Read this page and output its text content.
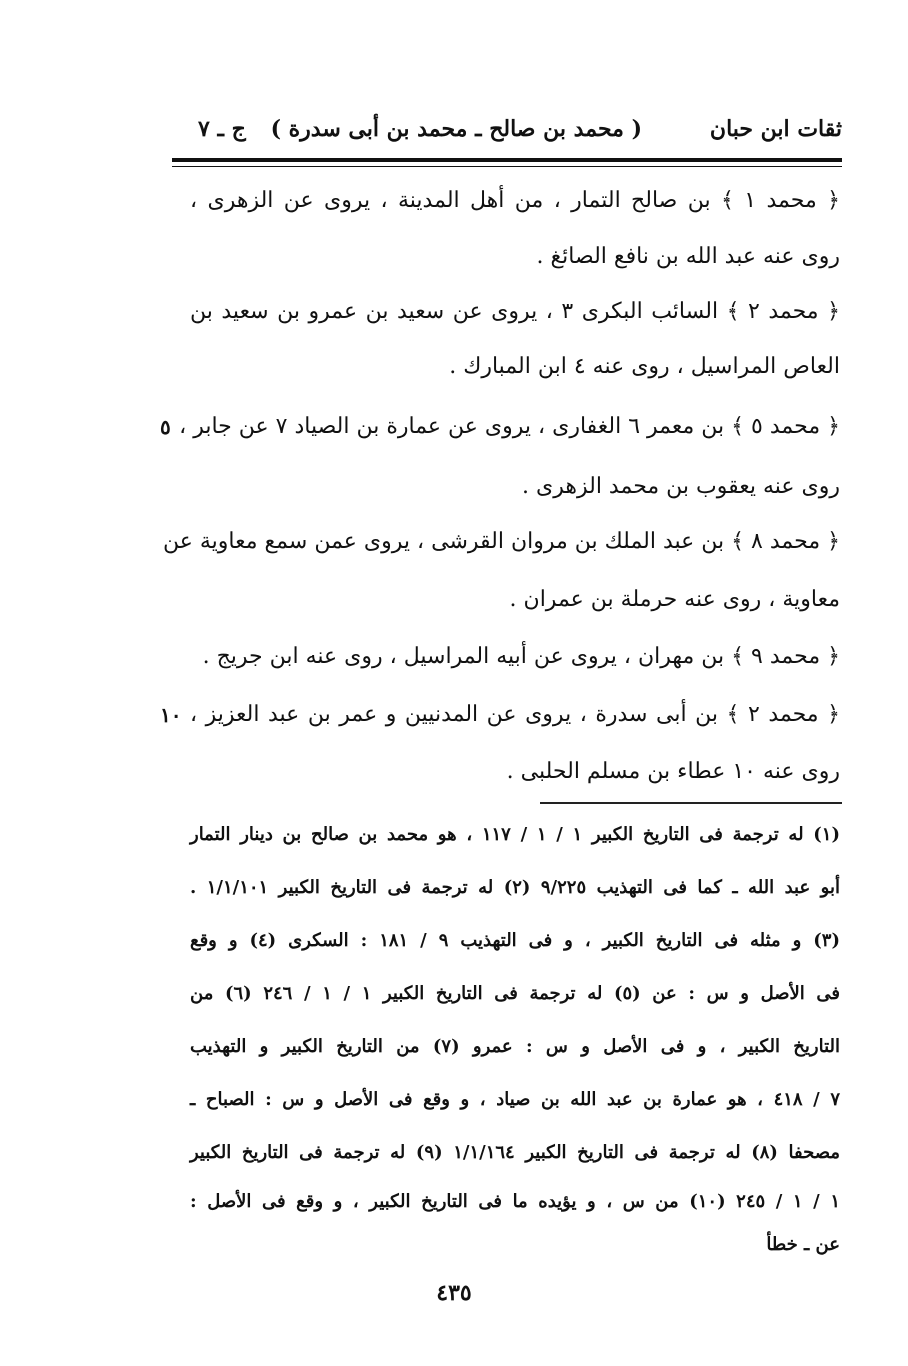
ثقات ابن حبان
( محمد بن صالح ـ محمد بن أبى سدرة )
ج ـ ٧
﴿ محمد ١ ﴾ بن صالح التمار ، من أهل المدينة ، يروى عن الزهرى ،
روى عنه عبد الله بن نافع الصائغ .
﴿ محمد ٢ ﴾ السائب البكرى ٣ ، يروى عن سعيد بن عمرو بن سعيد بن
العاص المراسيل ، روى عنه ٤ ابن المبارك .
﴿ محمد ٥ ﴾ بن معمر ٦ الغفارى ، يروى عن عمارة بن الصياد ٧ عن جابر ،
٥
روى عنه يعقوب بن محمد الزهرى .
﴿ محمد ٨ ﴾ بن عبد الملك بن مروان القرشى ، يروى عمن سمع معاوية عن
معاوية ، روى عنه حرملة بن عمران .
﴿ محمد ٩ ﴾ بن مهران ، يروى عن أبيه المراسيل ، روى عنه ابن جريج .
﴿ محمد ٢ ﴾ بن أبى سدرة ، يروى عن المدنيين و عمر بن عبد العزيز ،
١٠
روى عنه ١٠ عطاء بن مسلم الحلبى .
(١) له ترجمة فى التاريخ الكبير ١ / ١ / ١١٧ ، هو محمد بن صالح بن دينار التمار
أبو عبد الله ـ كما فى التهذيب ٩/٢٢٥ (٢) له ترجمة فى التاريخ الكبير ١/١/١٠١ .
(٣) و مثله فى التاريخ الكبير ، و فى التهذيب ٩ / ١٨١ : السكرى (٤) و وقع
فى الأصل و س : عن (٥) له ترجمة فى التاريخ الكبير ١ / ١ / ٢٤٦ (٦) من
التاريخ الكبير ، و فى الأصل و س : عمرو (٧) من التاريخ الكبير و التهذيب
٧ / ٤١٨ ، هو عمارة بن عبد الله بن صياد ، و وقع فى الأصل و س : الصباح ـ
مصحفا (٨) له ترجمة فى التاريخ الكبير ١/١/١٦٤ (٩) له ترجمة فى التاريخ الكبير
١ / ١ / ٢٤٥ (١٠) من س ، و يؤيده ما فى التاريخ الكبير ، و وقع فى الأصل :
عن ـ خطأ
٤٣٥
